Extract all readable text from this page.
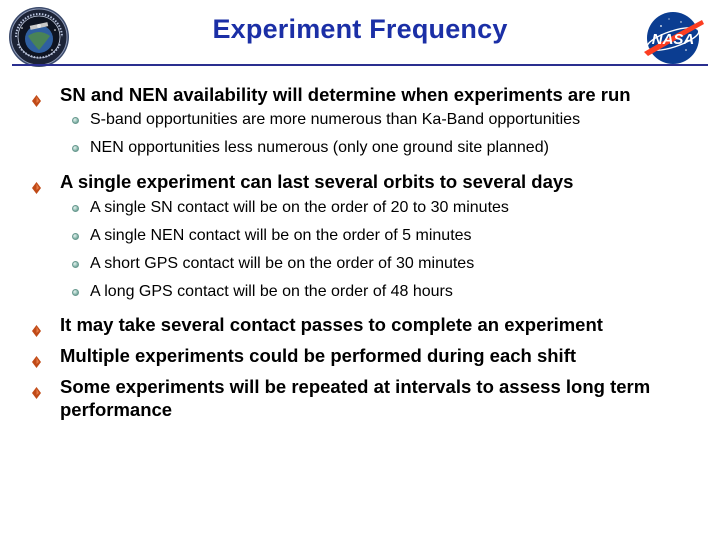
Experiment Frequency	NASA
SN and NEN availability will determine when experiments are run
S-band opportunities are more numerous than Ka-Band opportunities
NEN opportunities less numerous (only one ground site planned)
A single experiment can last several orbits to several days
A single SN contact will be on the order of 20 to 30 minutes
A single NEN contact will be on the order of 5 minutes
A short GPS contact will be on the order of 30 minutes
A long GPS contact will be on the order of 48 hours
It may take several contact passes to complete an experiment
Multiple experiments could be performed during each shift
Some experiments will be repeated at intervals to assess long term performance
